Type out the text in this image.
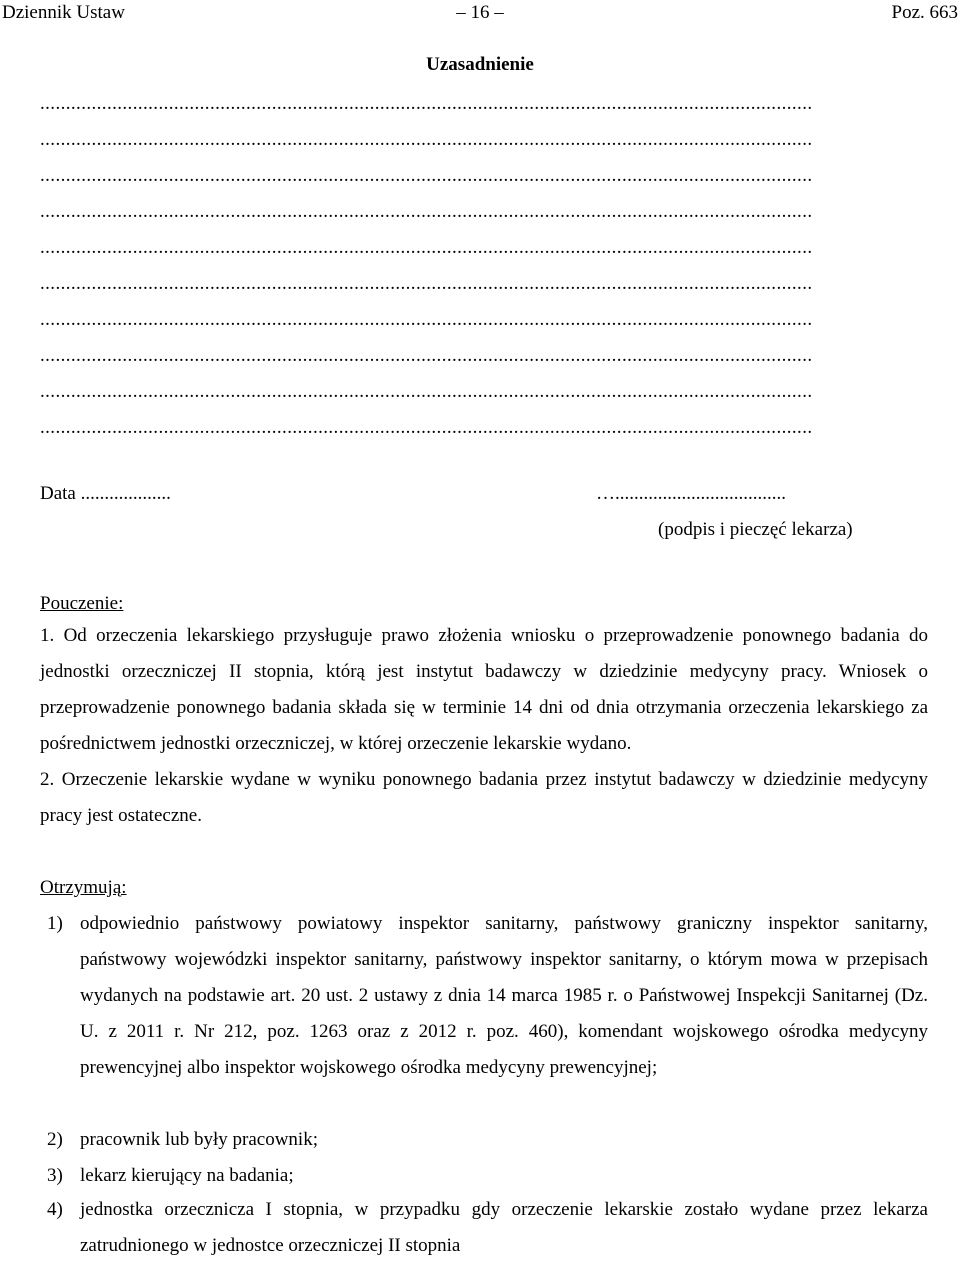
Dziennik Ustaw	– 16 –	Poz. 663
Uzasadnienie
......................................................................................................................................................
......................................................................................................................................................
......................................................................................................................................................
......................................................................................................................................................
......................................................................................................................................................
......................................................................................................................................................
......................................................................................................................................................
......................................................................................................................................................
......................................................................................................................................................
......................................................................................................................................................
Data ...................	…....................................
(podpis i pieczęć lekarza)
Pouczenie:
1. Od orzeczenia lekarskiego przysługuje prawo złożenia wniosku o przeprowadzenie ponownego badania do jednostki orzeczniczej II stopnia, którą jest instytut badawczy w dziedzinie medycyny pracy. Wniosek o przeprowadzenie ponownego badania składa się w terminie 14 dni od dnia otrzymania orzeczenia lekarskiego za pośrednictwem jednostki orzeczniczej, w której orzeczenie lekarskie wydano.
2. Orzeczenie lekarskie wydane w wyniku ponownego badania przez instytut badawczy w dziedzinie medycyny pracy jest ostateczne.
Otrzymują:
1) odpowiednio państwowy powiatowy inspektor sanitarny, państwowy graniczny inspektor sanitarny, państwowy wojewódzki inspektor sanitarny, państwowy inspektor sanitarny, o którym mowa w przepisach wydanych na podstawie art. 20 ust. 2 ustawy z dnia 14 marca 1985 r. o Państwowej Inspekcji Sanitarnej (Dz. U. z 2011 r. Nr 212, poz. 1263 oraz z 2012 r. poz. 460), komendant wojskowego ośrodka medycyny prewencyjnej albo inspektor wojskowego ośrodka medycyny prewencyjnej;
2) pracownik lub były pracownik;
3) lekarz kierujący na badania;
4) jednostka orzecznicza I stopnia, w przypadku gdy orzeczenie lekarskie zostało wydane przez lekarza zatrudnionego w jednostce orzeczniczej II stopnia
